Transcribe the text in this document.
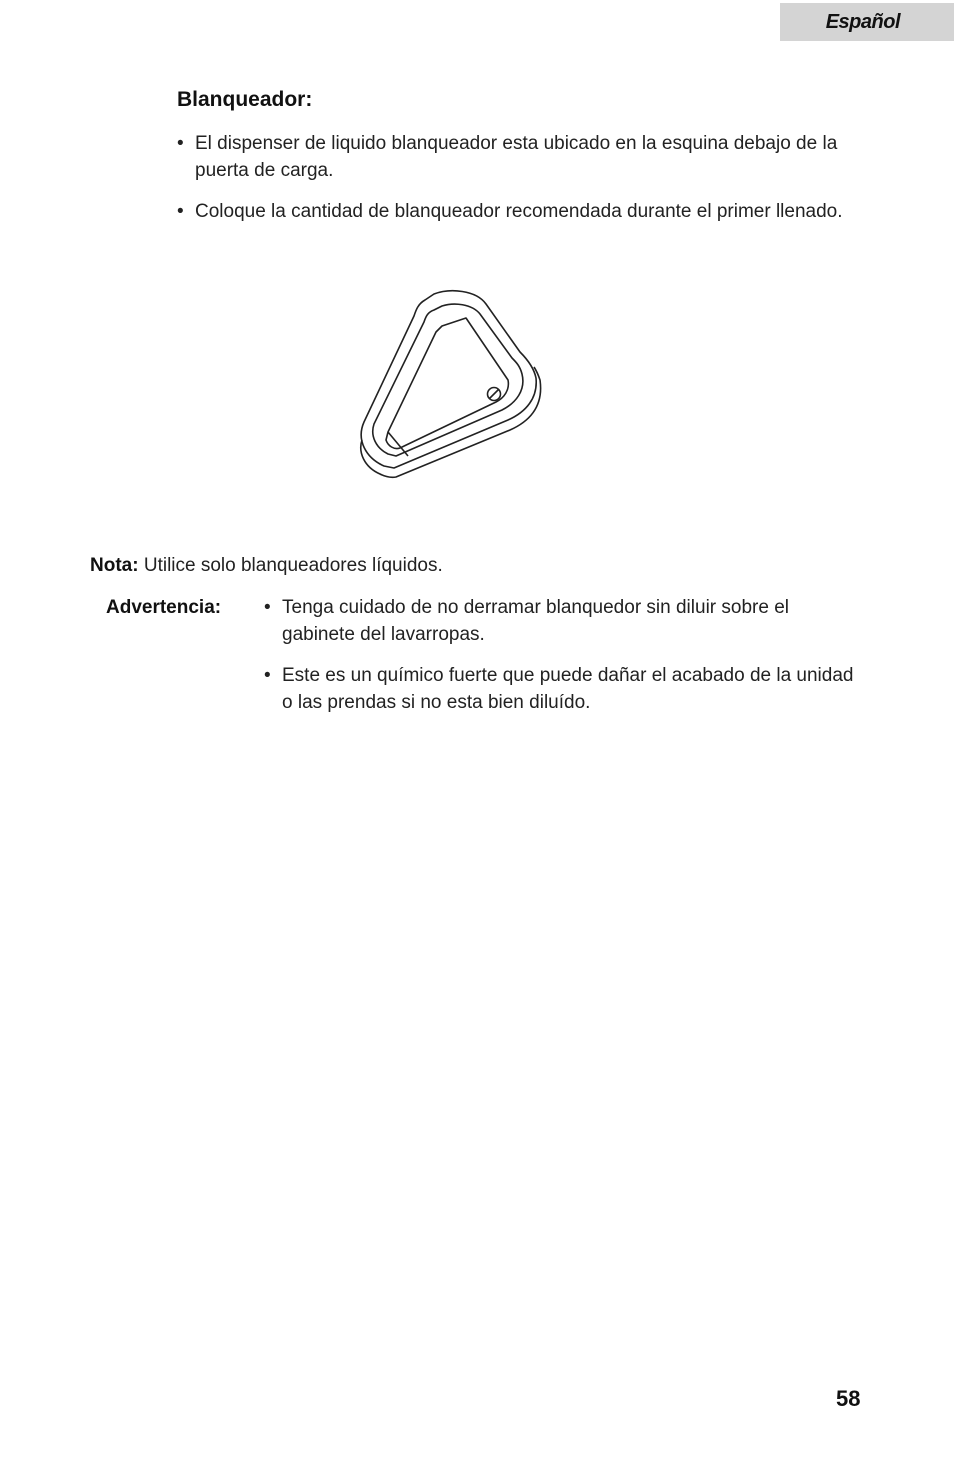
Español
Blanqueador:
• El dispenser de liquido blanqueador esta ubicado en la esquina debajo de la puerta de carga.
• Coloque la cantidad de blanqueador recomendada durante el primer llenado.
Nota: Utilice solo blanqueadores líquidos.
Advertencia:
•	Tenga cuidado de no derramar blanquedor sin diluir sobre el gabinete del lavarropas.
• Este es un químico fuerte que puede dañar el acabado de la unidad o las prendas si no esta bien diluído.
58
